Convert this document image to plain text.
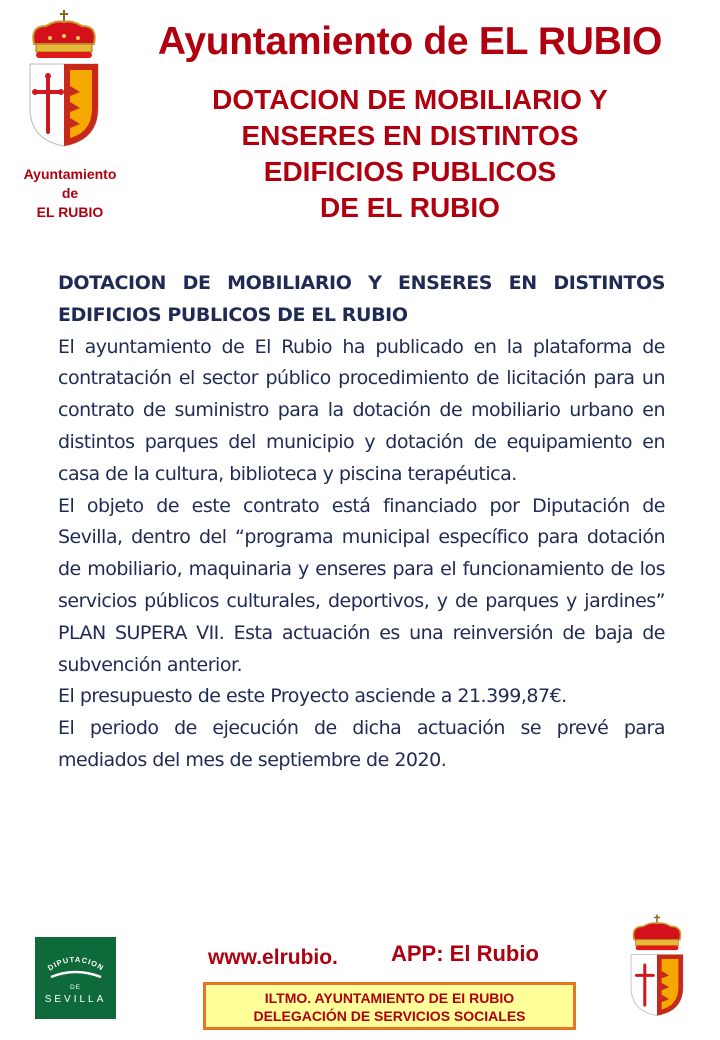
Ayuntamiento
de
EL RUBIO
Ayuntamiento de EL RUBIO
DOTACION DE MOBILIARIO Y
ENSERES EN DISTINTOS
EDIFICIOS PUBLICOS
DE EL RUBIO

DOTACION DE MOBILIARIO Y ENSERES EN DISTINTOS EDIFICIOS PUBLICOS DE EL RUBIO

El ayuntamiento de El Rubio ha publicado en la plataforma de contratación el sector público procedimiento de licitación para un contrato de suministro para la dotación de mobiliario urbano en distintos parques del municipio y dotación de equipamiento en casa de la cultura, biblioteca y piscina terapéutica.

El objeto de este contrato está financiado por Diputación de Sevilla, dentro del “programa municipal específico para dotación de mobiliario, maquinaria y enseres para el funcionamiento de los servicios públicos culturales, deportivos, y de parques y jardines” PLAN SUPERA VII. Esta actuación es una reinversión de baja de subvención anterior.

El presupuesto de este Proyecto asciende a 21.399,87€.

El periodo de ejecución de dicha actuación se prevé para mediados del mes de septiembre de 2020.

DIPUTACION
DE
SEVILLA
www.elrubio. APP: El Rubio
ILTMO. AYUNTAMIENTO DE EI RUBIO
DELEGACIÓN DE SERVICIOS SOCIALES
